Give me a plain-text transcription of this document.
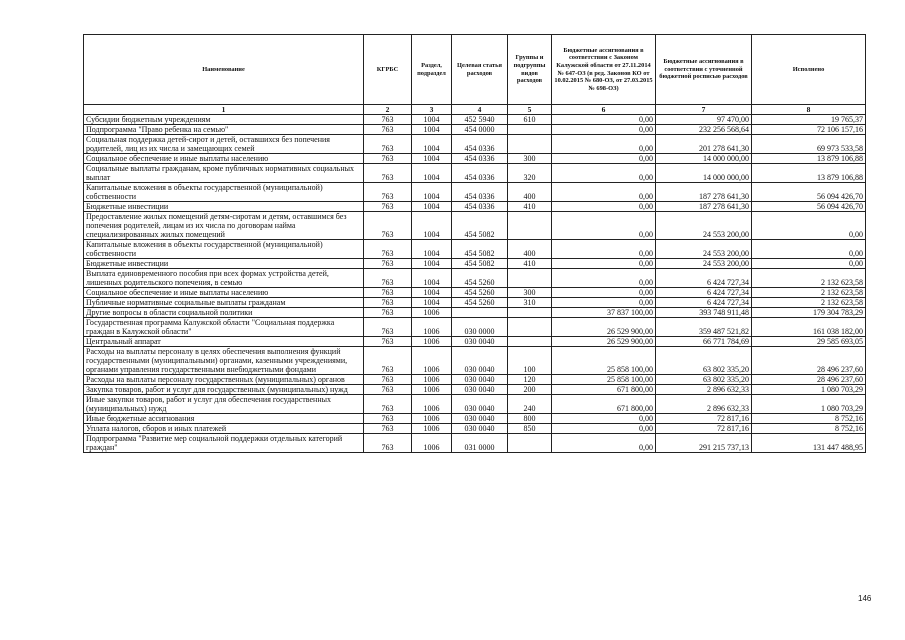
Наименование	КГРБС	Раздел, подраздел	Целевая статья расходов	Группы и подгруппы видов расходов	Бюджетные ассигнования в соответствии с Законом Калужской области от 27.11.2014 № 647-ОЗ (в ред. Законов КО от 10.02.2015 № 680-ОЗ, от 27.03.2015 № 698-ОЗ)	Бюджетные ассигнования в соответствии с уточненной бюджетной росписью расходов	Исполнено
1	2	3	4	5	6	7	8
Субсидии бюджетным учреждениям	763	1004	452 5940	610	0,00	97 470,00	19 765,37
Подпрограмма "Право ребенка на семью"	763	1004	454 0000		0,00	232 256 568,64	72 106 157,16
Социальная поддержка детей-сирот и детей, оставшихся без попечения родителей, лиц из их числа и замещающих семей	763	1004	454 0336		0,00	201 278 641,30	69 973 533,58
Социальное обеспечение и иные выплаты населению	763	1004	454 0336	300	0,00	14 000 000,00	13 879 106,88
Социальные выплаты гражданам, кроме публичных нормативных социальных выплат	763	1004	454 0336	320	0,00	14 000 000,00	13 879 106,88
Капитальные вложения в объекты государственной (муниципальной) собственности	763	1004	454 0336	400	0,00	187 278 641,30	56 094 426,70
Бюджетные инвестиции	763	1004	454 0336	410	0,00	187 278 641,30	56 094 426,70
Предоставление жилых помещений детям-сиротам и детям, оставшимся без попечения родителей, лицам из их числа по договорам найма специализированных жилых помещений	763	1004	454 5082		0,00	24 553 200,00	0,00
Капитальные вложения в объекты государственной (муниципальной) собственности	763	1004	454 5082	400	0,00	24 553 200,00	0,00
Бюджетные инвестиции	763	1004	454 5082	410	0,00	24 553 200,00	0,00
Выплата единовременного пособия при всех формах устройства детей, лишенных родительского попечения, в семью	763	1004	454 5260		0,00	6 424 727,34	2 132 623,58
Социальное обеспечение и иные выплаты населению	763	1004	454 5260	300	0,00	6 424 727,34	2 132 623,58
Публичные нормативные социальные выплаты гражданам	763	1004	454 5260	310	0,00	6 424 727,34	2 132 623,58
Другие вопросы в области социальной политики	763	1006			37 837 100,00	393 748 911,48	179 304 783,29
Государственная программа Калужской области "Социальная поддержка граждан в Калужской области"	763	1006	030 0000		26 529 900,00	359 487 521,82	161 038 182,00
Центральный аппарат	763	1006	030 0040		26 529 900,00	66 771 784,69	29 585 693,05
Расходы на выплаты персоналу в целях обеспечения выполнения функций государственными (муниципальными) органами, казенными учреждениями, органами управления государственными внебюджетными фондами	763	1006	030 0040	100	25 858 100,00	63 802 335,20	28 496 237,60
Расходы на выплаты персоналу государственных (муниципальных) органов	763	1006	030 0040	120	25 858 100,00	63 802 335,20	28 496 237,60
Закупка товаров, работ и услуг для государственных (муниципальных) нужд	763	1006	030 0040	200	671 800,00	2 896 632,33	1 080 703,29
Иные закупки товаров, работ и услуг для обеспечения государственных (муниципальных) нужд	763	1006	030 0040	240	671 800,00	2 896 632,33	1 080 703,29
Иные бюджетные ассигнования	763	1006	030 0040	800	0,00	72 817,16	8 752,16
Уплата налогов, сборов и иных платежей	763	1006	030 0040	850	0,00	72 817,16	8 752,16
Подпрограмма "Развитие мер социальной поддержки отдельных категорий граждан"	763	1006	031 0000		0,00	291 215 737,13	131 447 488,95
146
